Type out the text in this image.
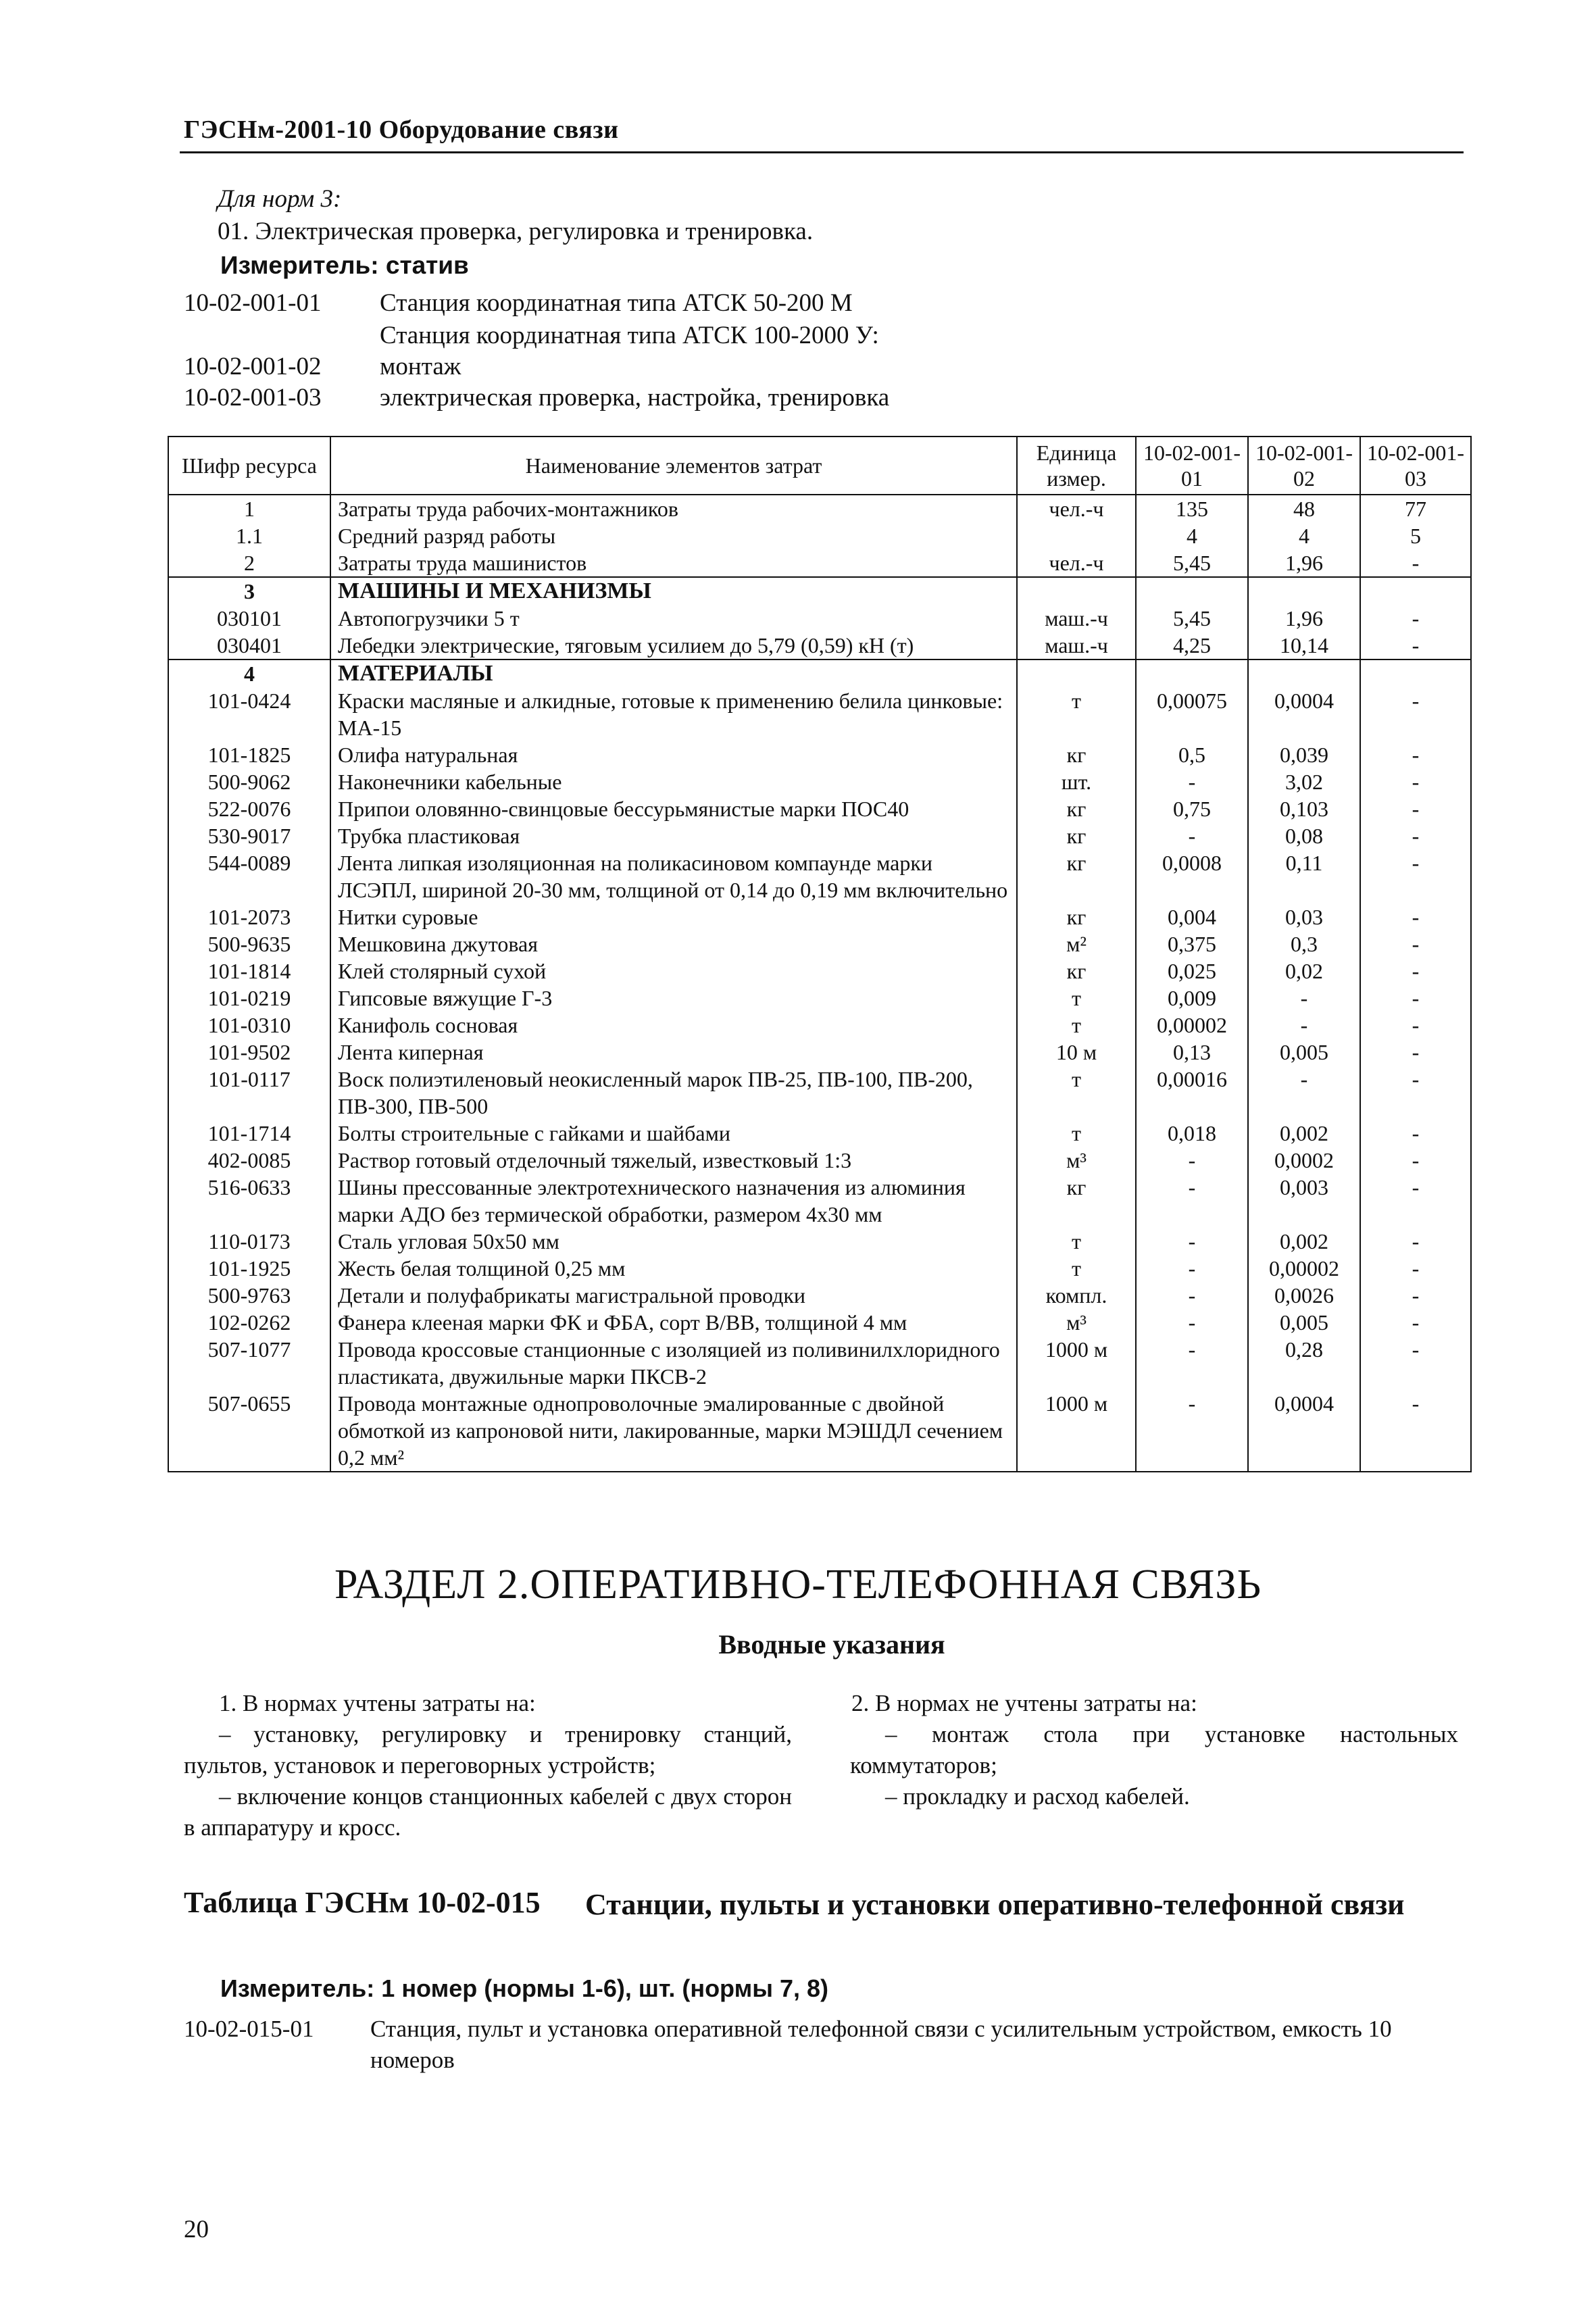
ГЭСНм-2001-10 Оборудование связи
Для норм 3:
01. Электрическая проверка, регулировка и тренировка.
Измеритель: статив
10-02-001-01 Станция координатная типа АТСК 50-200 М
Станция координатная типа АТСК 100-2000 У:
10-02-001-02 монтаж
10-02-001-03 электрическая проверка, настройка, тренировка
Шифр ресурса	Наименование элементов затрат	Единица измер.	10-02-001-01	10-02-001-02	10-02-001-03
1	Затраты труда рабочих-монтажников	чел.-ч	135	48	77
1.1	Средний разряд работы		4	4	5
2	Затраты труда машинистов	чел.-ч	5,45	1,96	-
3	МАШИНЫ И МЕХАНИЗМЫ				
030101	Автопогрузчики 5 т	маш.-ч	5,45	1,96	-
030401	Лебедки электрические, тяговым усилием до 5,79 (0,59) кН (т)	маш.-ч	4,25	10,14	-
4	МАТЕРИАЛЫ				
101-0424	Краски масляные и алкидные, готовые к применению белила цинковые: МА-15	т	0,00075	0,0004	-
101-1825	Олифа натуральная	кг	0,5	0,039	-
500-9062	Наконечники кабельные	шт.	-	3,02	-
522-0076	Припои оловянно-свинцовые бессурьмянистые марки ПОС40	кг	0,75	0,103	-
530-9017	Трубка пластиковая	кг	-	0,08	-
544-0089	Лента липкая изоляционная на поликасиновом компаунде марки ЛСЭПЛ, шириной 20-30 мм, толщиной от 0,14 до 0,19 мм включительно	кг	0,0008	0,11	-
101-2073	Нитки суровые	кг	0,004	0,03	-
500-9635	Мешковина джутовая	м²	0,375	0,3	-
101-1814	Клей столярный сухой	кг	0,025	0,02	-
101-0219	Гипсовые вяжущие Г-3	т	0,009	-	-
101-0310	Канифоль сосновая	т	0,00002	-	-
101-9502	Лента киперная	10 м	0,13	0,005	-
101-0117	Воск полиэтиленовый неокисленный марок ПВ-25, ПВ-100, ПВ-200, ПВ-300, ПВ-500	т	0,00016	-	-
101-1714	Болты строительные с гайками и шайбами	т	0,018	0,002	-
402-0085	Раствор готовый отделочный тяжелый, известковый 1:3	м³	-	0,0002	-
516-0633	Шины прессованные электротехнического назначения из алюминия марки АДО без термической обработки, размером 4х30 мм	кг	-	0,003	-
110-0173	Сталь угловая 50х50 мм	т	-	0,002	-
101-1925	Жесть белая толщиной 0,25 мм	т	-	0,00002	-
500-9763	Детали и полуфабрикаты магистральной проводки	компл.	-	0,0026	-
102-0262	Фанера клееная марки ФК и ФБА, сорт В/ВВ, толщиной 4 мм	м³	-	0,005	-
507-1077	Провода кроссовые станционные с изоляцией из поливинилхлоридного пластиката, двужильные марки ПКСВ-2	1000 м	-	0,28	-
507-0655	Провода монтажные однопроволочные эмалированные с двойной обмоткой из капроновой нити, лакированные, марки МЭШДЛ сечением 0,2 мм²	1000 м	-	0,0004	-
РАЗДЕЛ 2.ОПЕРАТИВНО-ТЕЛЕФОННАЯ СВЯЗЬ
Вводные указания
1. В нормах учтены затраты на:
– установку, регулировку и тренировку станций, пультов, установок и переговорных устройств;
– включение концов станционных кабелей с двух сторон в аппаратуру и кросс.
2. В нормах не учтены затраты на:
– монтаж стола при установке настольных коммутаторов;
– прокладку и расход кабелей.
Таблица ГЭСНм 10-02-015 Станции, пульты и установки оперативно-телефонной связи
Измеритель: 1 номер (нормы 1-6), шт. (нормы 7, 8)
10-02-015-01 Станция, пульт и установка оперативной телефонной связи с усилительным устройством, емкость 10 номеров
20
